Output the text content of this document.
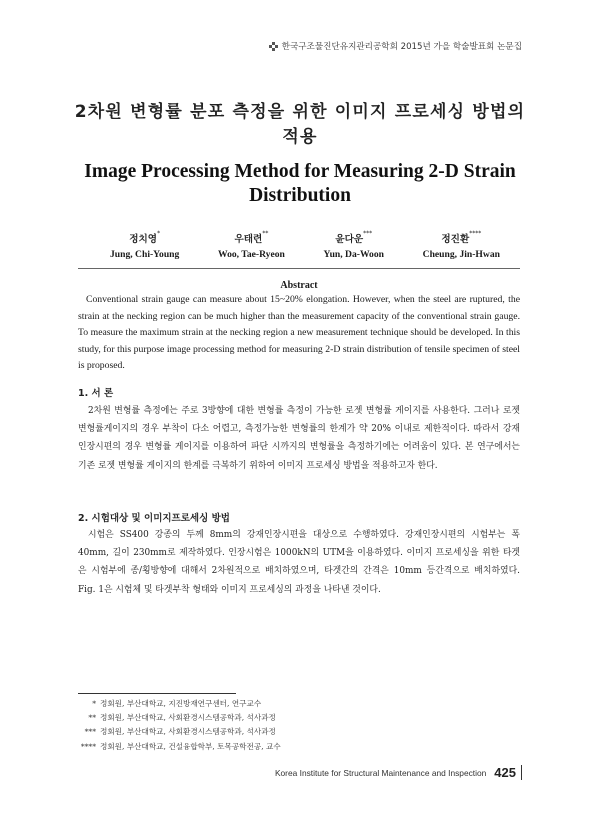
한국구조물진단유지관리공학회 2015년 가을 학술발표회 논문집
2차원 변형률 분포 측정을 위한 이미지 프로세싱 방법의
적용
Image Processing Method for Measuring 2-D Strain
Distribution
정치영*
Jung, Chi-Young
우태련**
Woo, Tae-Ryeon
윤다운***
Yun, Da-Woon
정진환****
Cheung, Jin-Hwan
Abstract

Conventional strain gauge can measure about 15~20% elongation. However, when the steel are ruptured, the strain at the necking region can be much higher than the measurement capacity of the conventional strain gauge. To measure the maximum strain at the necking region a new measurement technique should be developed. In this study, for this purpose image processing method for measuring 2-D strain distribution of tensile specimen of steel is proposed.

1. 서 론

2차원 변형률 측정에는 주로 3방향에 대한 변형률 측정이 가능한 로젯 변형률 게이지를 사용한다. 그러나 로젯 변형률게이지의 경우 부착이 다소 어렵고, 측정가능한 변형률의 한계가 약 20% 이내로 제한적이다. 따라서 강재 인장시편의 경우 변형률 게이지를 이용하여 파단 시까지의 변형률을 측정하기에는 어려움이 있다. 본 연구에서는 기존 로젯 변형률 게이지의 한계를 극복하기 위하여 이미지 프로세싱 방법을 적용하고자 한다.

2. 시험대상 및 이미지프로세싱 방법

시험은 SS400 강종의 두께 8mm의 강재인장시편을 대상으로 수행하였다. 강재인장시편의 시험부는 폭 40mm, 길이 230mm로 제작하였다. 인장시험은 1000kN의 UTM을 이용하였다. 이미지 프로세싱을 위한 타겟은 시험부에 종/횡방향에 대해서 2차원적으로 배치하였으며, 타겟간의 간격은 10mm 등간격으로 배치하였다. Fig. 1은 시험체 및 타겟부착 형태와 이미지 프로세싱의 과정을 나타낸 것이다.

* 정회원, 부산대학교, 지진방재연구센터, 연구교수
** 정회원, 부산대학교, 사회환경시스템공학과, 석사과정
*** 정회원, 부산대학교, 사회환경시스템공학과, 석사과정
**** 정회원, 부산대학교, 건설융합학부, 토목공학전공, 교수
Korea Institute for Structural Maintenance and Inspection 425
